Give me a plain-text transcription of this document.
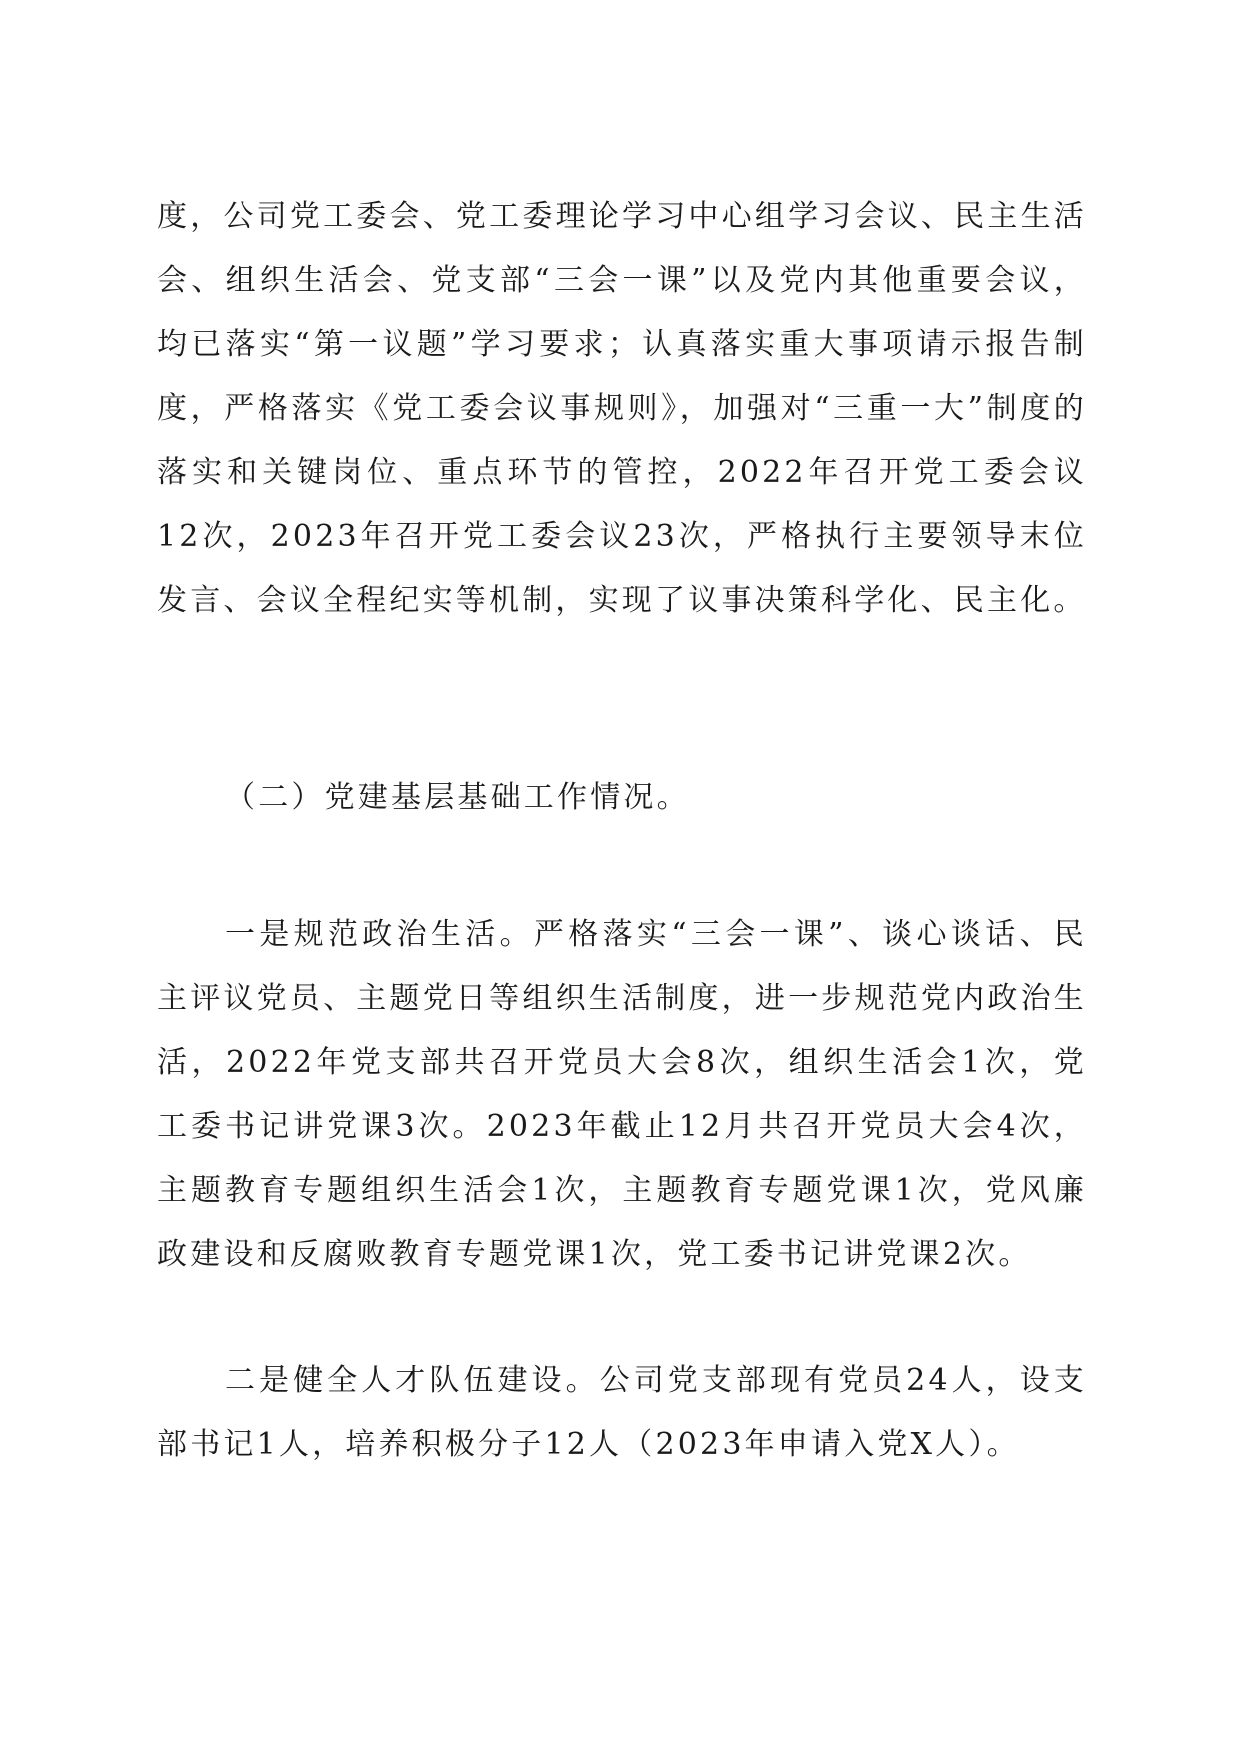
度，公司党工委会、党工委理论学习中心组学习会议、民主生活会、组织生活会、党支部“三会一课”以及党内其他重要会议，均已落实“第一议题”学习要求；认真落实重大事项请示报告制度，严格落实《党工委会议事规则》，加强对“三重一大”制度的落实和关键岗位、重点环节的管控，2022年召开党工委会议12次，2023年召开党工委会议23次，严格执行主要领导末位发言、会议全程纪实等机制，实现了议事决策科学化、民主化。

（二）党建基层基础工作情况。

一是规范政治生活。严格落实“三会一课”、谈心谈话、民主评议党员、主题党日等组织生活制度，进一步规范党内政治生活，2022年党支部共召开党员大会8次，组织生活会1次，党工委书记讲党课3次。2023年截止12月共召开党员大会4次，主题教育专题组织生活会1次，主题教育专题党课1次，党风廉政建设和反腐败教育专题党课1次，党工委书记讲党课2次。

二是健全人才队伍建设。公司党支部现有党员24人，设支部书记1人，培养积极分子12人（2023年申请入党X人）。
